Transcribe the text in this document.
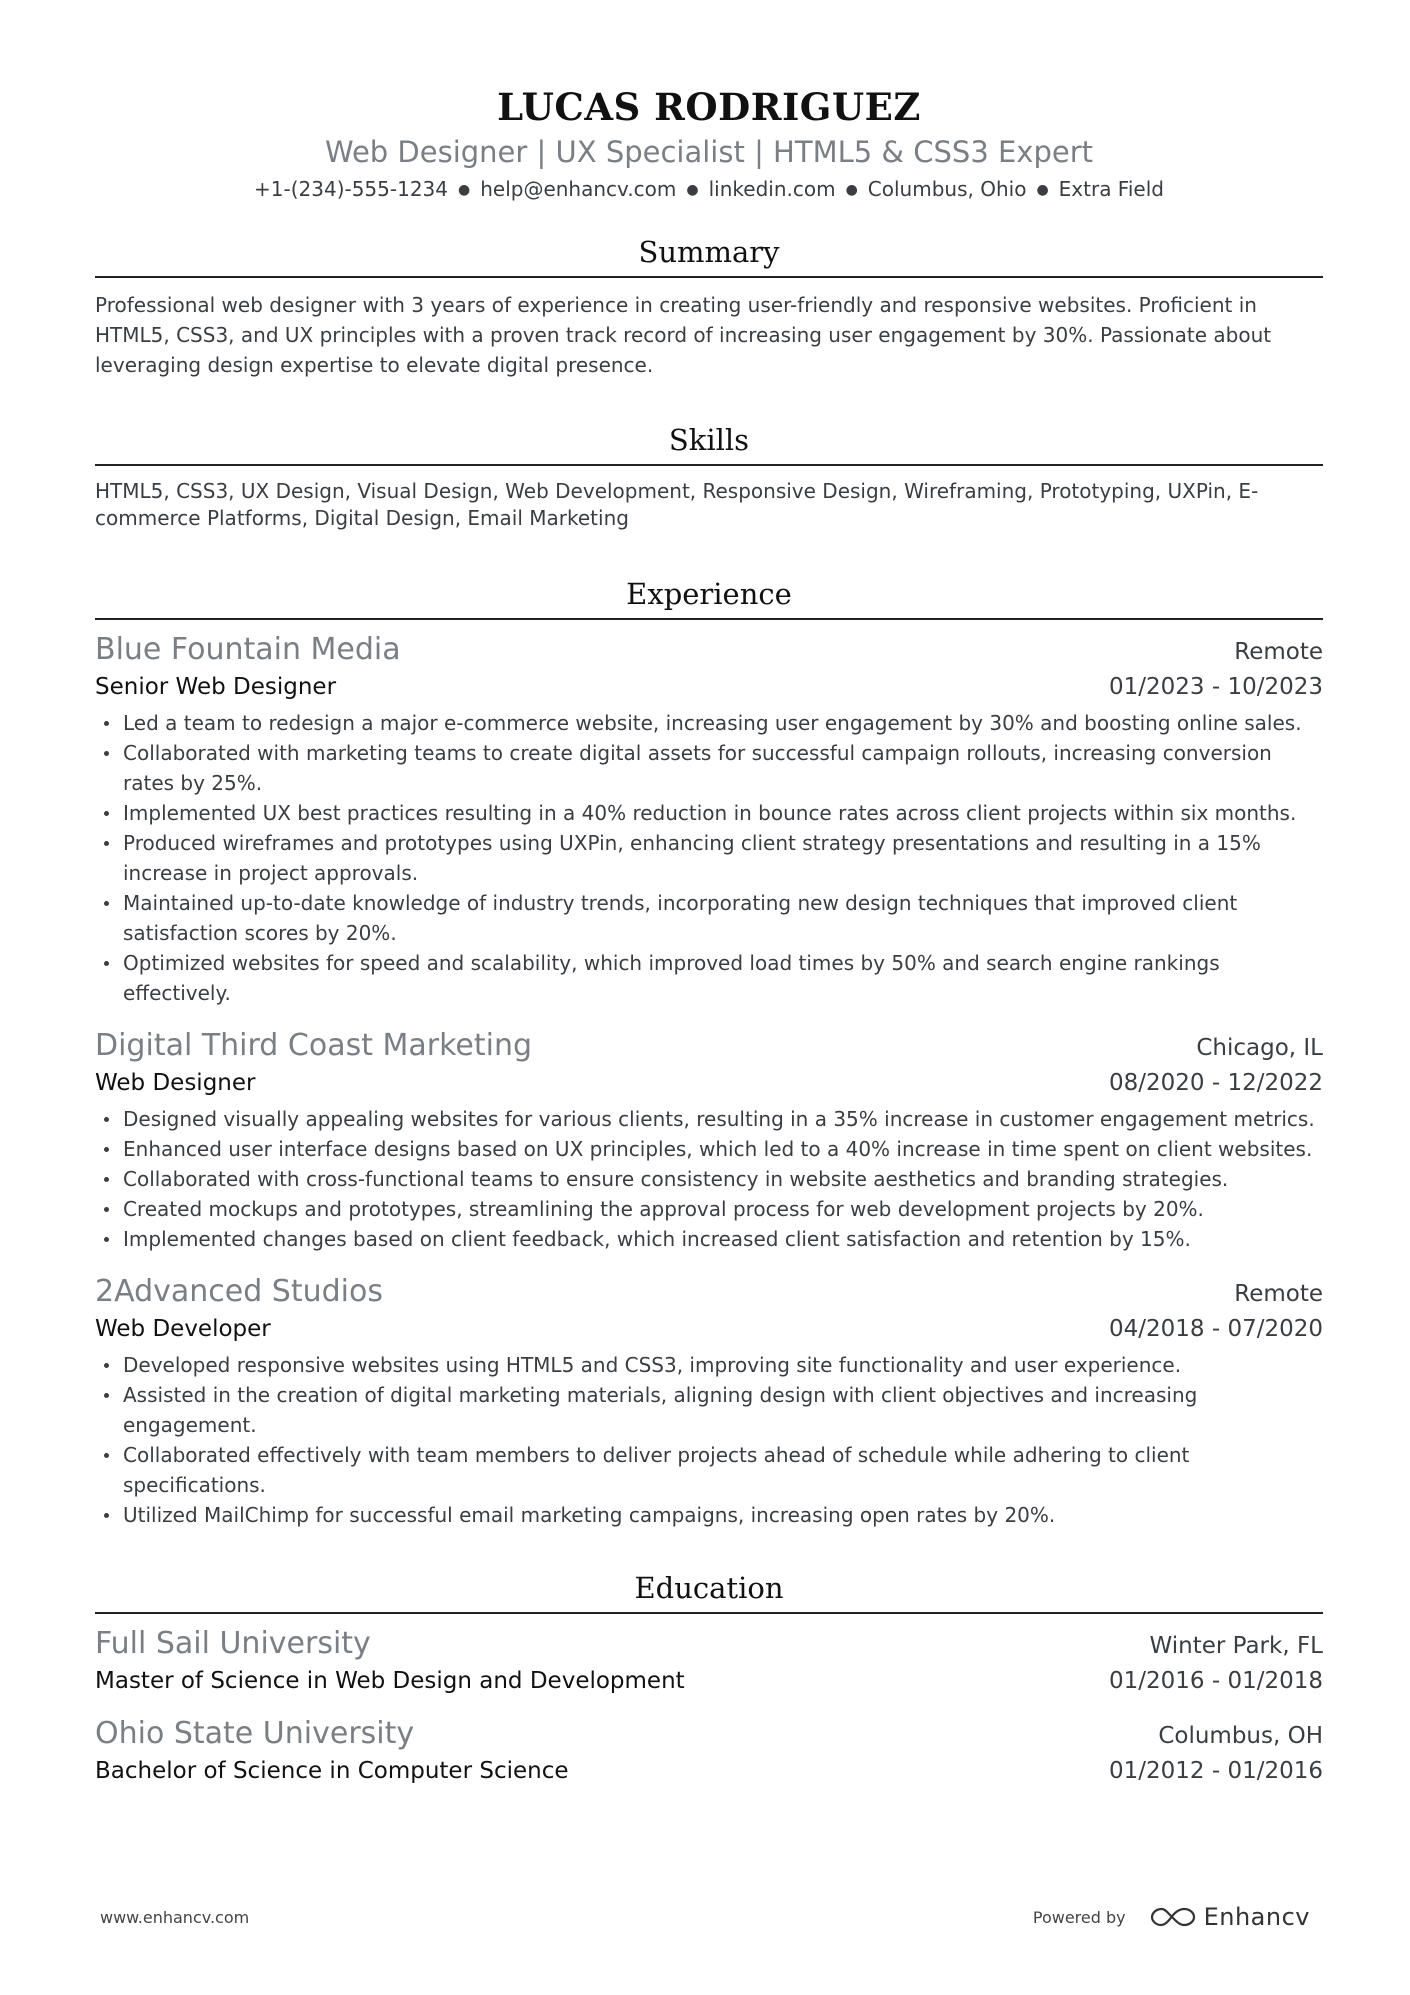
LUCAS RODRIGUEZ
Web Designer | UX Specialist | HTML5 & CSS3 Expert
+1-(234)-555-1234 ● help@enhancv.com ● linkedin.com ● Columbus, Ohio ● Extra Field
Summary
Professional web designer with 3 years of experience in creating user-friendly and responsive websites. Proficient in HTML5, CSS3, and UX principles with a proven track record of increasing user engagement by 30%. Passionate about leveraging design expertise to elevate digital presence.
Skills
HTML5, CSS3, UX Design, Visual Design, Web Development, Responsive Design, Wireframing, Prototyping, UXPin, E-commerce Platforms, Digital Design, Email Marketing
Experience
Blue Fountain Media	Remote
Senior Web Designer	01/2023 - 10/2023
Led a team to redesign a major e-commerce website, increasing user engagement by 30% and boosting online sales.
Collaborated with marketing teams to create digital assets for successful campaign rollouts, increasing conversion rates by 25%.
Implemented UX best practices resulting in a 40% reduction in bounce rates across client projects within six months.
Produced wireframes and prototypes using UXPin, enhancing client strategy presentations and resulting in a 15% increase in project approvals.
Maintained up-to-date knowledge of industry trends, incorporating new design techniques that improved client satisfaction scores by 20%.
Optimized websites for speed and scalability, which improved load times by 50% and search engine rankings effectively.
Digital Third Coast Marketing	Chicago, IL
Web Designer	08/2020 - 12/2022
Designed visually appealing websites for various clients, resulting in a 35% increase in customer engagement metrics.
Enhanced user interface designs based on UX principles, which led to a 40% increase in time spent on client websites.
Collaborated with cross-functional teams to ensure consistency in website aesthetics and branding strategies.
Created mockups and prototypes, streamlining the approval process for web development projects by 20%.
Implemented changes based on client feedback, which increased client satisfaction and retention by 15%.
2Advanced Studios	Remote
Web Developer	04/2018 - 07/2020
Developed responsive websites using HTML5 and CSS3, improving site functionality and user experience.
Assisted in the creation of digital marketing materials, aligning design with client objectives and increasing engagement.
Collaborated effectively with team members to deliver projects ahead of schedule while adhering to client specifications.
Utilized MailChimp for successful email marketing campaigns, increasing open rates by 20%.
Education
Full Sail University	Winter Park, FL
Master of Science in Web Design and Development	01/2016 - 01/2018
Ohio State University	Columbus, OH
Bachelor of Science in Computer Science	01/2012 - 01/2016
www.enhancv.com	Powered by	Enhancv
